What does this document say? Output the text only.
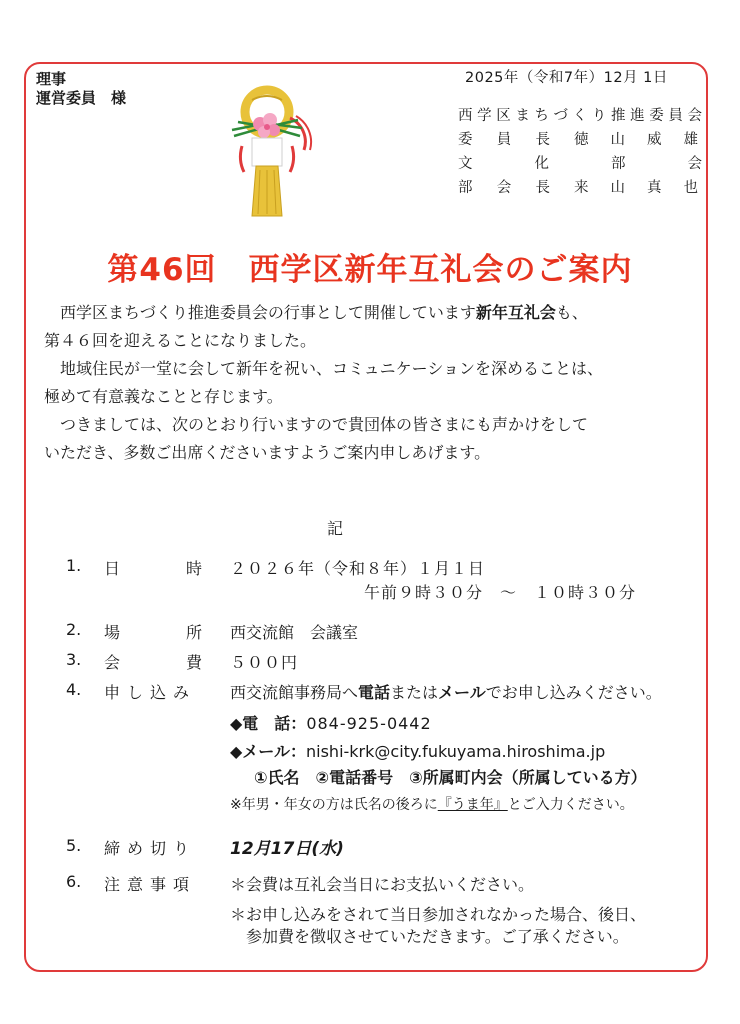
理事
運営委員　様
2025年（令和7年）12月 1日
西学区まちづくり推進委員会
委員長 徳山威雄
文化部会
部会長 来山真也
第46回　西学区新年互礼会のご案内

　西学区まちづくり推進委員会の行事として開催しています新年互礼会も、

第４６回を迎えることになりました。

　地域住民が一堂に会して新年を祝い、コミュニケーションを深めることは、

極めて有意義なことと存じます。

　つきましては、次のとおり行いますので貴団体の皆さまにも声かけをして

いただき、多数ご出席くださいますようご案内申しあげます。

記
1. 日	時 ２０２６年（令和８年）１月１日
午前９時３０分　～　１０時３０分
2. 場	所 西交流館　会議室
3. 会	費 ５００円
4. 申し込み 西交流館事務局へ電話またはメールでお申し込みください。
◆電　話：084-925-0442
◆メール：nishi-krk@city.fukuyama.hiroshima.jp
①氏名　②電話番号　③所属町内会（所属している方）
※年男・年女の方は氏名の後ろに『うま年』とご入力ください。
5. 締め切り 12月17日(水)
6. 注意事項 ＊会費は互礼会当日にお支払いください。
＊お申し込みをされて当日参加されなかった場合、後日、
参加費を徴収させていただきます。ご了承ください。
